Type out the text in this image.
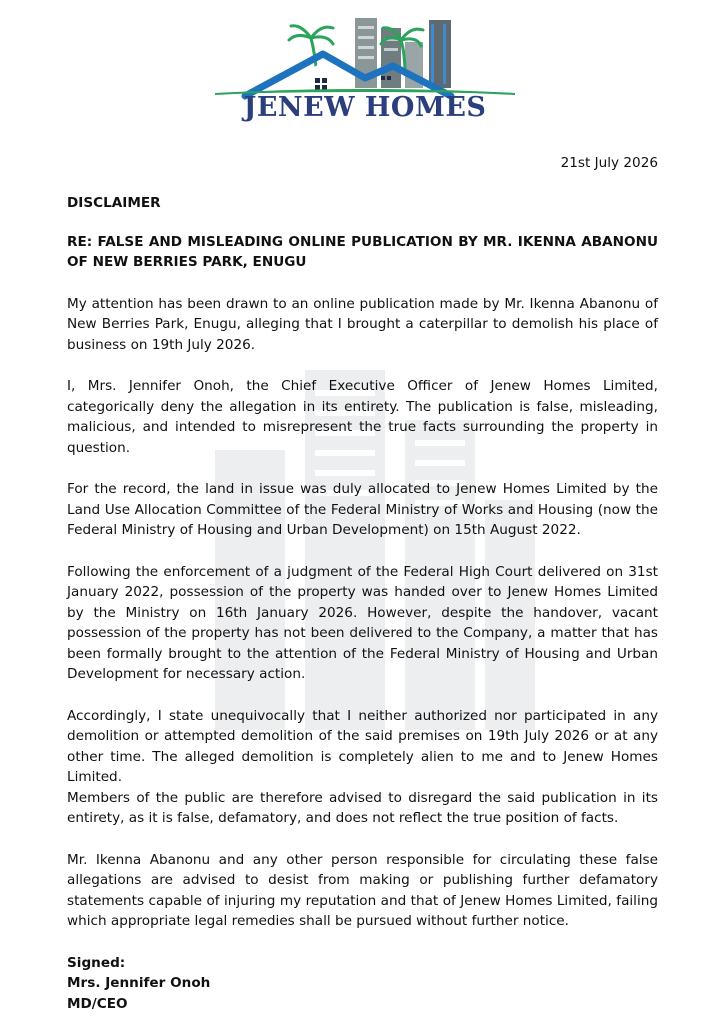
JENEW HOMES
21st July 2026

DISCLAIMER

RE: FALSE AND MISLEADING ONLINE PUBLICATION BY MR. IKENNA ABANONU OF NEW BERRIES PARK, ENUGU

My attention has been drawn to an online publication made by Mr. Ikenna Abanonu of New Berries Park, Enugu, alleging that I brought a caterpillar to demolish his place of business on 19th July 2026.

I, Mrs. Jennifer Onoh, the Chief Executive Officer of Jenew Homes Limited, categorically deny the allegation in its entirety. The publication is false, misleading, malicious, and intended to misrepresent the true facts surrounding the property in question.

For the record, the land in issue was duly allocated to Jenew Homes Limited by the Land Use Allocation Committee of the Federal Ministry of Works and Housing (now the Federal Ministry of Housing and Urban Development) on 15th August 2022.

Following the enforcement of a judgment of the Federal High Court delivered on 31st January 2022, possession of the property was handed over to Jenew Homes Limited by the Ministry on 16th January 2026. However, despite the handover, vacant possession of the property has not been delivered to the Company, a matter that has been formally brought to the attention of the Federal Ministry of Housing and Urban Development for necessary action.

Accordingly, I state unequivocally that I neither authorized nor participated in any demolition or attempted demolition of the said premises on 19th July 2026 or at any other time. The alleged demolition is completely alien to me and to Jenew Homes Limited.

Members of the public are therefore advised to disregard the said publication in its entirety, as it is false, defamatory, and does not reflect the true position of facts.

Mr. Ikenna Abanonu and any other person responsible for circulating these false allegations are advised to desist from making or publishing further defamatory statements capable of injuring my reputation and that of Jenew Homes Limited, failing which appropriate legal remedies shall be pursued without further notice.

Signed:
Mrs. Jennifer Onoh
MD/CEO
